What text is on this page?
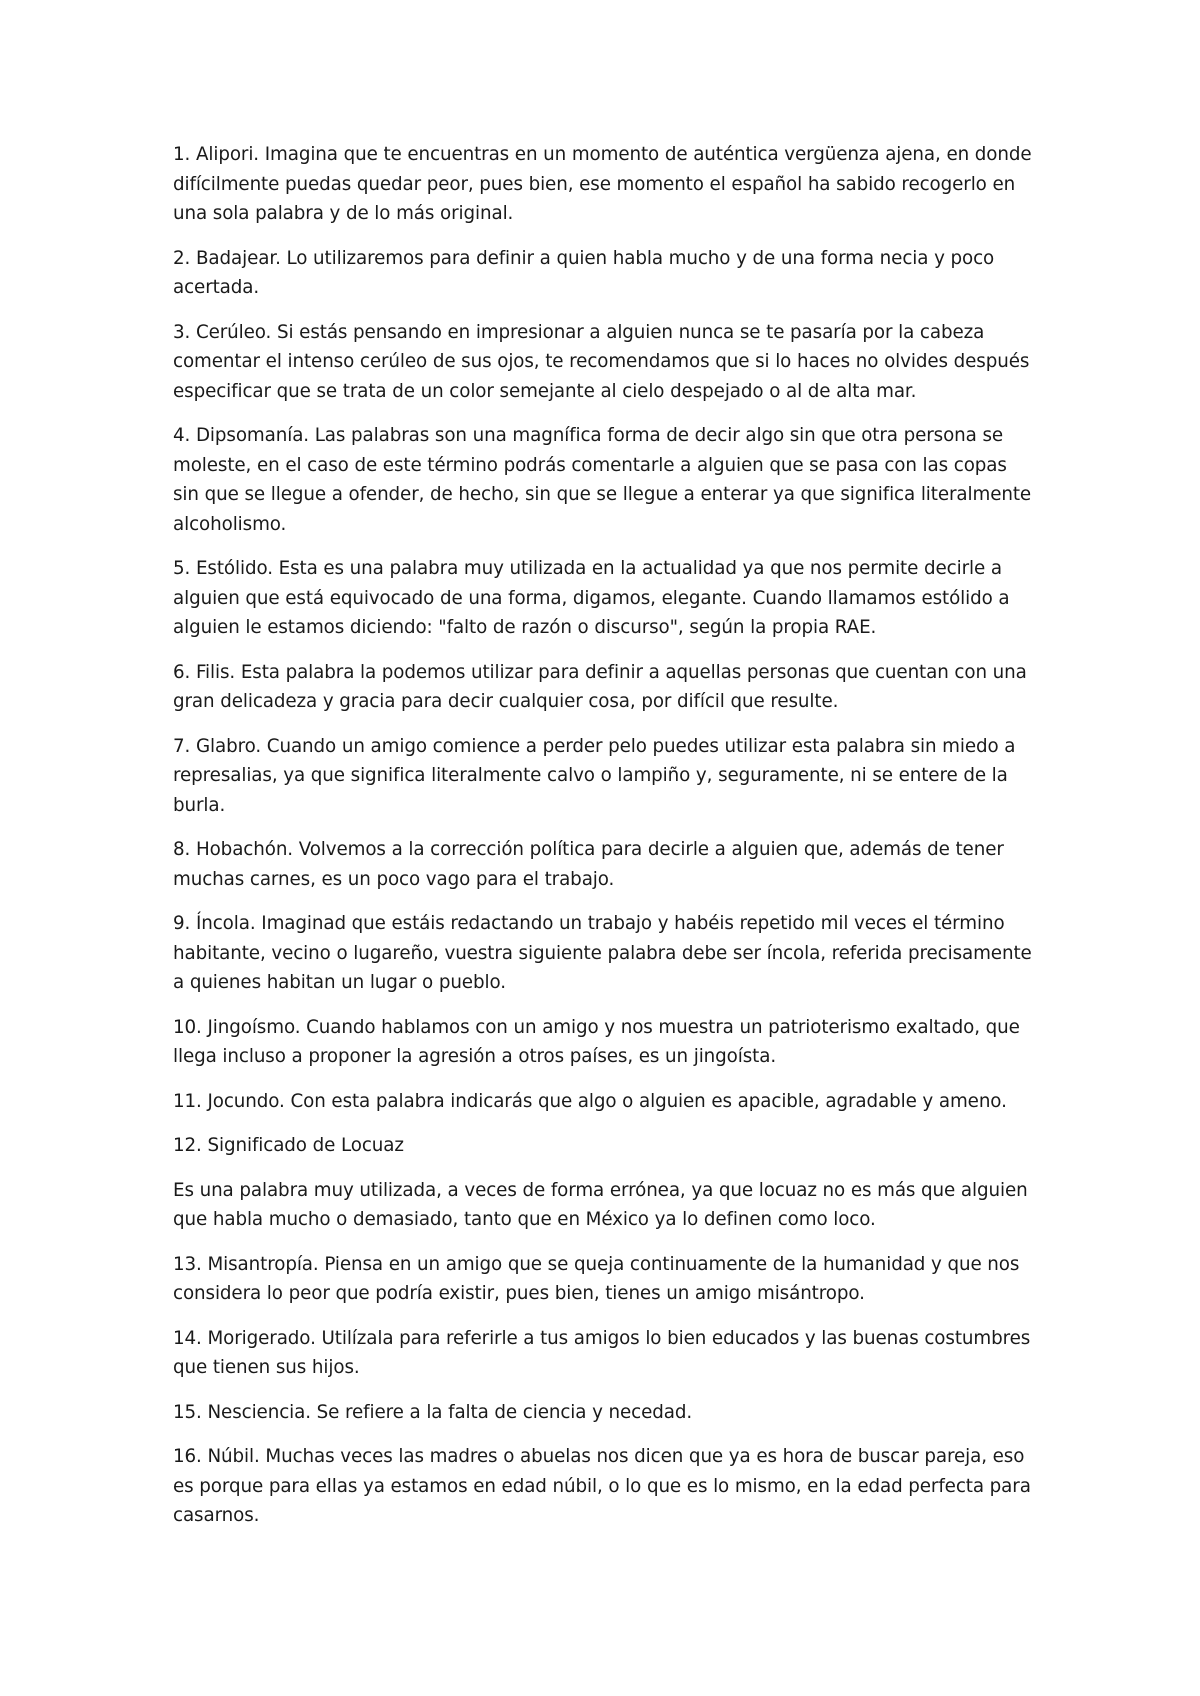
1. Alipori. Imagina que te encuentras en un momento de auténtica vergüenza ajena, en donde difícilmente puedas quedar peor, pues bien, ese momento el español ha sabido recogerlo en una sola palabra y de lo más original.

2. Badajear. Lo utilizaremos para definir a quien habla mucho y de una forma necia y poco acertada.

3. Cerúleo. Si estás pensando en impresionar a alguien nunca se te pasaría por la cabeza comentar el intenso cerúleo de sus ojos, te recomendamos que si lo haces no olvides después especificar que se trata de un color semejante al cielo despejado o al de alta mar.

4. Dipsomanía. Las palabras son una magnífica forma de decir algo sin que otra persona se moleste, en el caso de este término podrás comentarle a alguien que se pasa con las copas sin que se llegue a ofender, de hecho, sin que se llegue a enterar ya que significa literalmente alcoholismo.

5. Estólido. Esta es una palabra muy utilizada en la actualidad ya que nos permite decirle a alguien que está equivocado de una forma, digamos, elegante. Cuando llamamos estólido a alguien le estamos diciendo: "falto de razón o discurso", según la propia RAE.

6. Filis. Esta palabra la podemos utilizar para definir a aquellas personas que cuentan con una gran delicadeza y gracia para decir cualquier cosa, por difícil que resulte.

7. Glabro. Cuando un amigo comience a perder pelo puedes utilizar esta palabra sin miedo a represalias, ya que significa literalmente calvo o lampiño y, seguramente, ni se entere de la burla.

8. Hobachón. Volvemos a la corrección política para decirle a alguien que, además de tener muchas carnes, es un poco vago para el trabajo.

9. Íncola. Imaginad que estáis redactando un trabajo y habéis repetido mil veces el término habitante, vecino o lugareño, vuestra siguiente palabra debe ser íncola, referida precisamente a quienes habitan un lugar o pueblo.

10. Jingoísmo. Cuando hablamos con un amigo y nos muestra un patrioterismo exaltado, que llega incluso a proponer la agresión a otros países, es un jingoísta.

11. Jocundo. Con esta palabra indicarás que algo o alguien es apacible, agradable y ameno.

12. Significado de Locuaz

Es una palabra muy utilizada, a veces de forma errónea, ya que locuaz no es más que alguien que habla mucho o demasiado, tanto que en México ya lo definen como loco.

13. Misantropía. Piensa en un amigo que se queja continuamente de la humanidad y que nos considera lo peor que podría existir, pues bien, tienes un amigo misántropo.

14. Morigerado. Utilízala para referirle a tus amigos lo bien educados y las buenas costumbres que tienen sus hijos.

15. Nesciencia. Se refiere a la falta de ciencia y necedad.

16. Núbil. Muchas veces las madres o abuelas nos dicen que ya es hora de buscar pareja, eso es porque para ellas ya estamos en edad núbil, o lo que es lo mismo, en la edad perfecta para casarnos.
